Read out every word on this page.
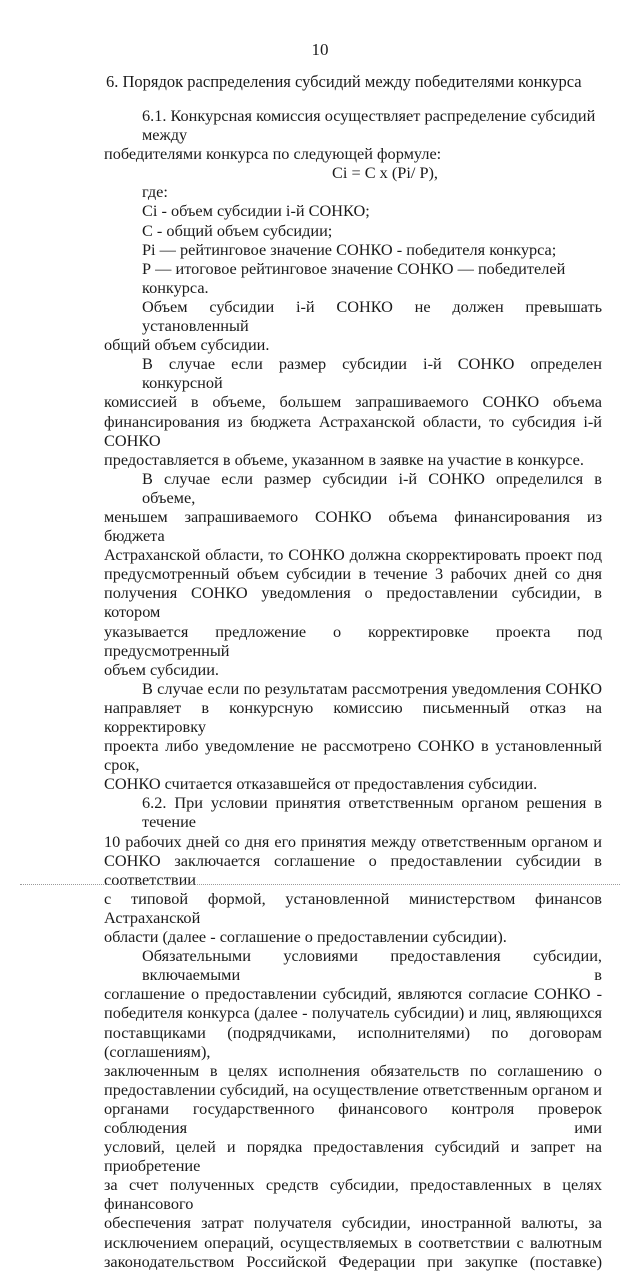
10
6. Порядок распределения субсидий между победителями конкурса
6.1. Конкурсная комиссия осуществляет распределение субсидий между
победителями конкурса по следующей формуле:
Ci = C x (Pi/ P),
где:
Ci - объем субсидии i-й СОНКО;
С - общий объем субсидии;
Pi — рейтинговое значение СОНКО - победителя конкурса;
Р — итоговое рейтинговое значение СОНКО — победителей конкурса.
Объем субсидии i-й СОНКО не должен превышать установленный
общий объем субсидии.
В случае если размер субсидии i-й СОНКО определен конкурсной
комиссией в объеме, большем запрашиваемого СОНКО объема
финансирования из бюджета Астраханской области, то субсидия i-й СОНКО
предоставляется в объеме, указанном в заявке на участие в конкурсе.
В случае если размер субсидии i-й СОНКО определился в объеме,
меньшем запрашиваемого СОНКО объема финансирования из бюджета
Астраханской области, то СОНКО должна скорректировать проект под
предусмотренный объем субсидии в течение 3 рабочих дней со дня
получения СОНКО уведомления о предоставлении субсидии, в котором
указывается предложение о корректировке проекта под предусмотренный
объем субсидии.
В случае если по результатам рассмотрения уведомления СОНКО
направляет в конкурсную комиссию письменный отказ на корректировку
проекта либо уведомление не рассмотрено СОНКО в установленный срок,
СОНКО считается отказавшейся от предоставления субсидии.
6.2. При условии принятия ответственным органом решения в течение
10 рабочих дней со дня его принятия между ответственным органом и
СОНКО заключается соглашение о предоставлении субсидии в соответствии
с типовой формой, установленной министерством финансов Астраханской
области (далее - соглашение о предоставлении субсидии).
Обязательными условиями предоставления субсидии, включаемыми в
соглашение о предоставлении субсидий, являются согласие СОНКО -
победителя конкурса (далее - получатель субсидии) и лиц, являющихся
поставщиками (подрядчиками, исполнителями) по договорам (соглашениям),
заключенным в целях исполнения обязательств по соглашению о
предоставлении субсидий, на осуществление ответственным органом и
органами государственного финансового контроля проверок соблюдения ими
условий, целей и порядка предоставления субсидий и запрет на приобретение
за счет полученных средств субсидии, предоставленных в целях финансового
обеспечения затрат получателя субсидии, иностранной валюты, за
исключением операций, осуществляемых в соответствии с валютным
законодательством Российской Федерации при закупке (поставке)
